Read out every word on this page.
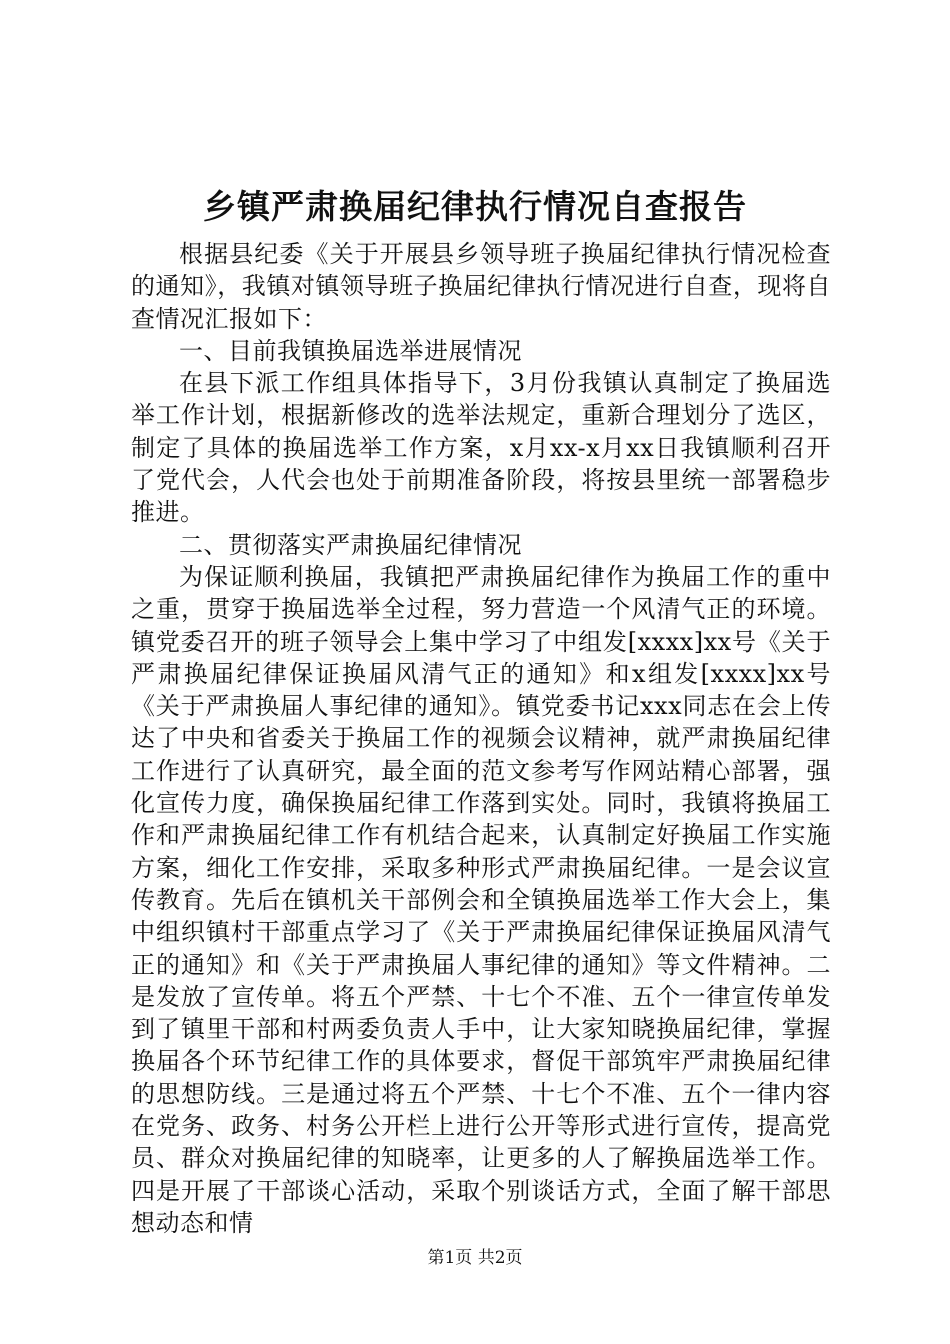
乡镇严肃换届纪律执行情况自查报告

根据县纪委《关于开展县乡领导班子换届纪律执行情况检查的通知》，我镇对镇领导班子换届纪律执行情况进行自查，现将自查情况汇报如下：

一、目前我镇换届选举进展情况

在县下派工作组具体指导下，3月份我镇认真制定了换届选举工作计划，根据新修改的选举法规定，重新合理划分了选区，制定了具体的换届选举工作方案，x月xx-x月xx日我镇顺利召开了党代会，人代会也处于前期准备阶段，将按县里统一部署稳步推进。

二、贯彻落实严肃换届纪律情况

为保证顺利换届，我镇把严肃换届纪律作为换届工作的重中之重，贯穿于换届选举全过程，努力营造一个风清气正的环境。镇党委召开的班子领导会上集中学习了中组发[xxxx]xx号《关于严肃换届纪律保证换届风清气正的通知》和x组发[xxxx]xx号《关于严肃换届人事纪律的通知》。镇党委书记xxx同志在会上传达了中央和省委关于换届工作的视频会议精神，就严肃换届纪律工作进行了认真研究，最全面的范文参考写作网站精心部署，强化宣传力度，确保换届纪律工作落到实处。同时，我镇将换届工作和严肃换届纪律工作有机结合起来，认真制定好换届工作实施方案，细化工作安排，采取多种形式严肃换届纪律。一是会议宣传教育。先后在镇机关干部例会和全镇换届选举工作大会上，集中组织镇村干部重点学习了《关于严肃换届纪律保证换届风清气正的通知》和《关于严肃换届人事纪律的通知》等文件精神。二是发放了宣传单。将五个严禁、十七个不准、五个一律宣传单发到了镇里干部和村两委负责人手中，让大家知晓换届纪律，掌握换届各个环节纪律工作的具体要求，督促干部筑牢严肃换届纪律的思想防线。三是通过将五个严禁、十七个不准、五个一律内容在党务、政务、村务公开栏上进行公开等形式进行宣传，提高党员、群众对换届纪律的知晓率，让更多的人了解换届选举工作。四是开展了干部谈心活动，采取个别谈话方式，全面了解干部思想动态和情

第1页 共2页
